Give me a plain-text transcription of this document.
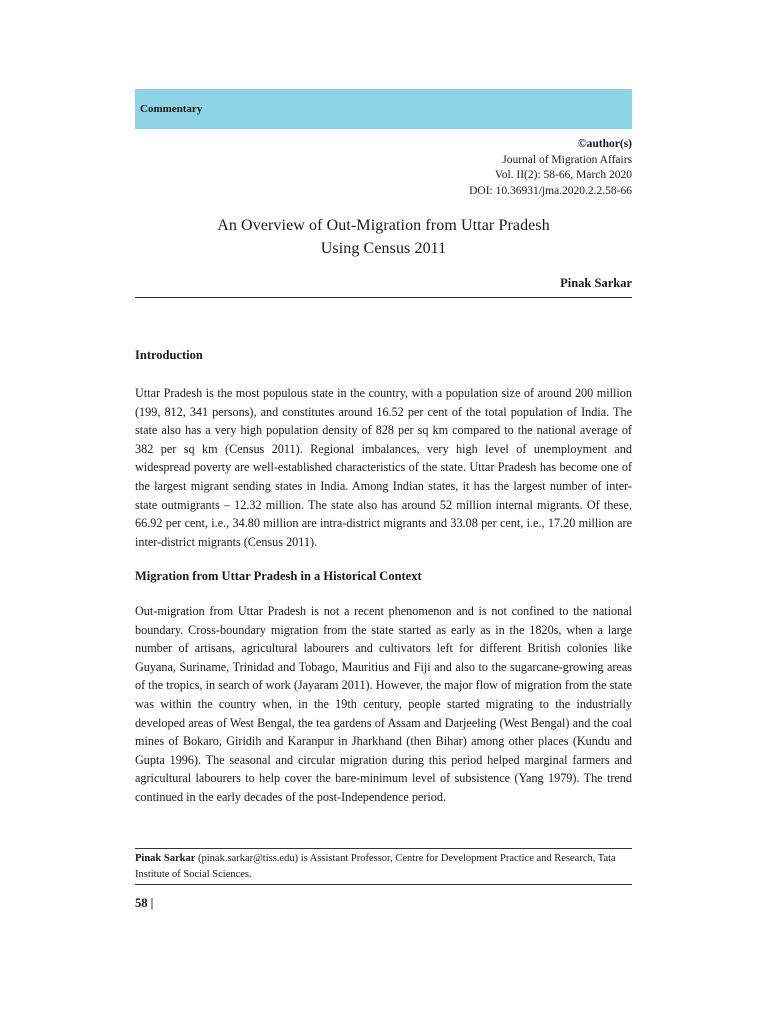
Commentary
©author(s)
Journal of Migration Affairs
Vol. II(2): 58-66, March 2020
DOI: 10.36931/jma.2020.2.2.58-66
An Overview of Out-Migration from Uttar Pradesh
Using Census 2011
Pinak Sarkar
Introduction

Uttar Pradesh is the most populous state in the country, with a population size of around 200 million (199, 812, 341 persons), and constitutes around 16.52 per cent of the total population of India. The state also has a very high population density of 828 per sq km compared to the national average of 382 per sq km (Census 2011). Regional imbalances, very high level of unemployment and widespread poverty are well-established characteristics of the state. Uttar Pradesh has become one of the largest migrant sending states in India. Among Indian states, it has the largest number of inter-state outmigrants – 12.32 million. The state also has around 52 million internal migrants. Of these, 66.92 per cent, i.e., 34.80 million are intra-district migrants and 33.08 per cent, i.e., 17.20 million are inter-district migrants (Census 2011).

Migration from Uttar Pradesh in a Historical Context

Out-migration from Uttar Pradesh is not a recent phenomenon and is not confined to the national boundary. Cross-boundary migration from the state started as early as in the 1820s, when a large number of artisans, agricultural labourers and cultivators left for different British colonies like Guyana, Suriname, Trinidad and Tobago, Mauritius and Fiji and also to the sugarcane-growing areas of the tropics, in search of work (Jayaram 2011). However, the major flow of migration from the state was within the country when, in the 19th century, people started migrating to the industrially developed areas of West Bengal, the tea gardens of Assam and Darjeeling (West Bengal) and the coal mines of Bokaro, Giridih and Karanpur in Jharkhand (then Bihar) among other places (Kundu and Gupta 1996). The seasonal and circular migration during this period helped marginal farmers and agricultural labourers to help cover the bare-minimum level of subsistence (Yang 1979). The trend continued in the early decades of the post-Independence period.

Pinak Sarkar (pinak.sarkar@tiss.edu) is Assistant Professor, Centre for Development Practice and Research, Tata Institute of Social Sciences.

58 |
